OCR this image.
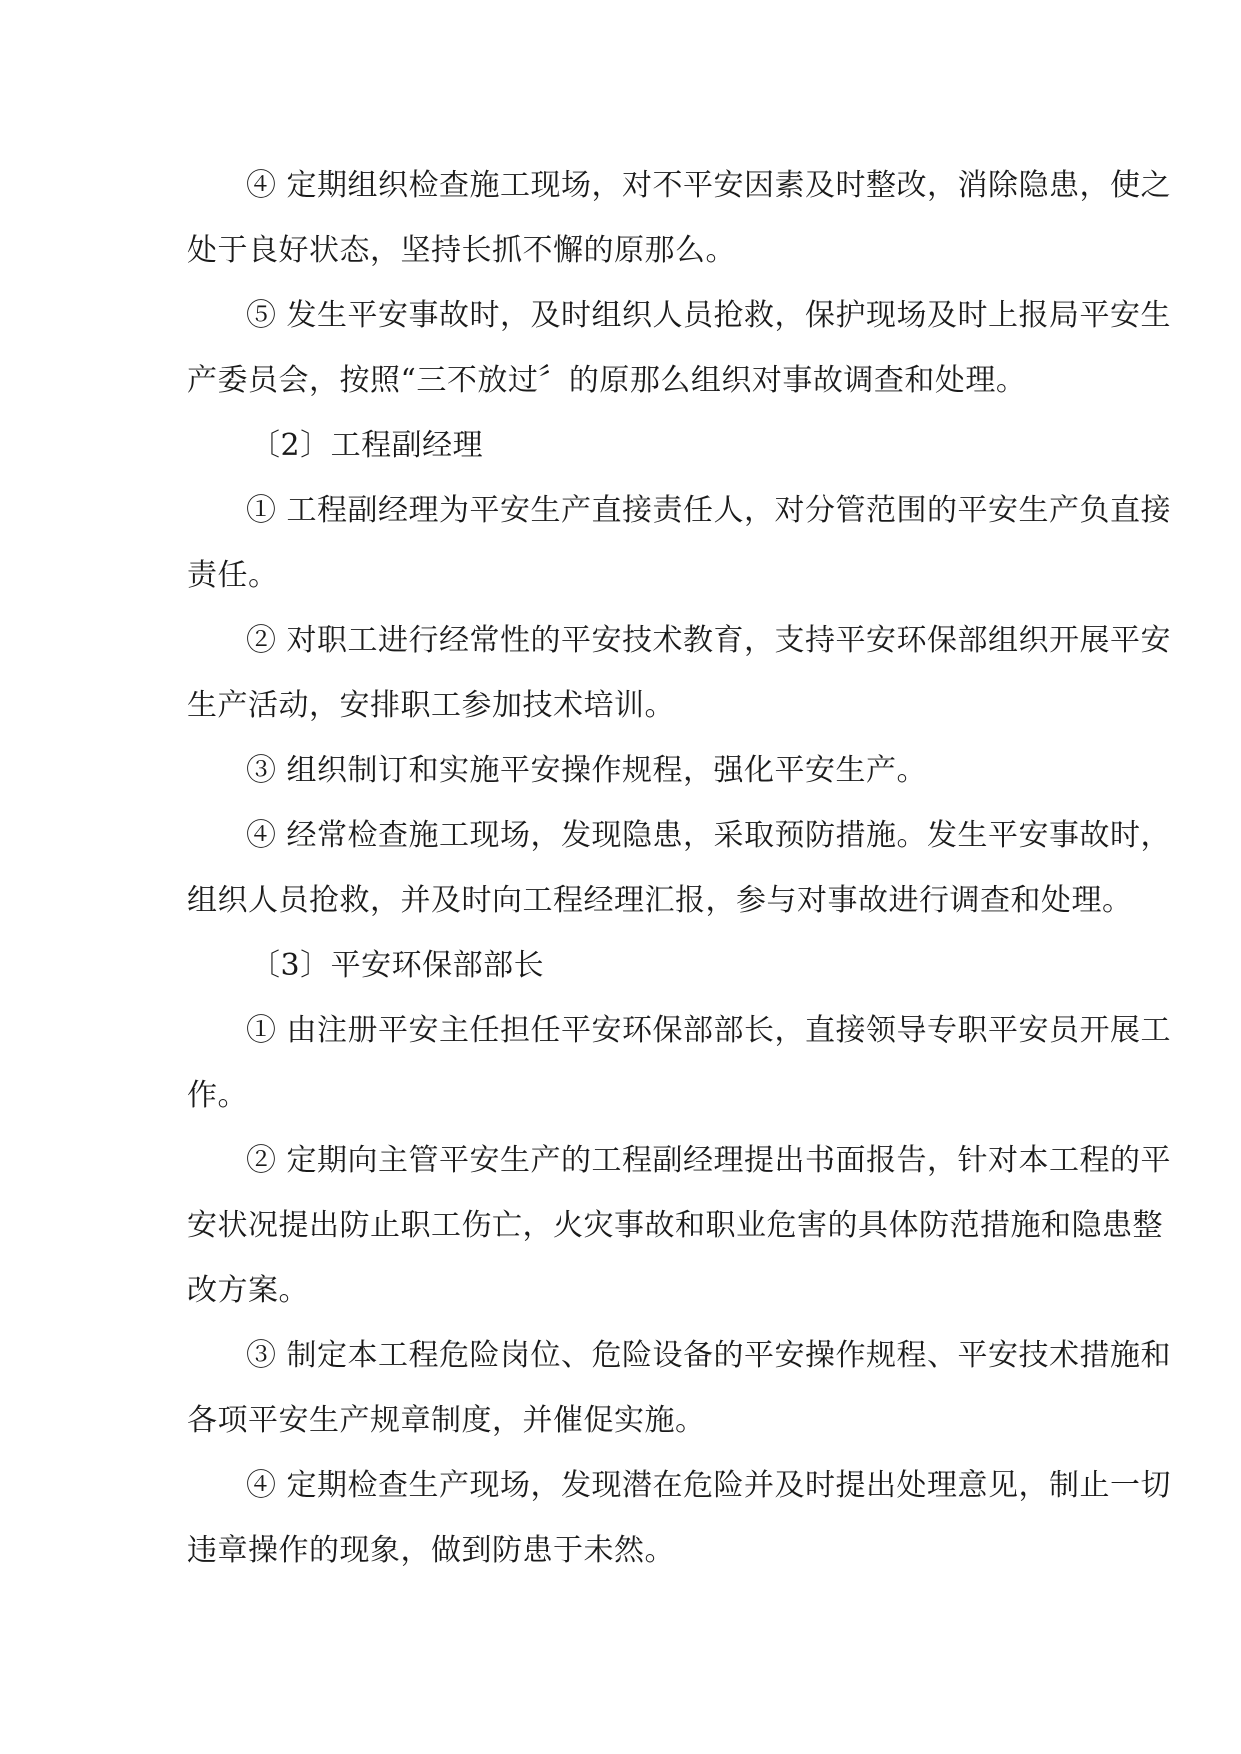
④ 定期组织检查施工现场，对不平安因素及时整改，消除隐患，使之
处于良好状态，坚持长抓不懈的原那么。
⑤ 发生平安事故时，及时组织人员抢救，保护现场及时上报局平安生
产委员会，按照“三不放过〞的原那么组织对事故调查和处理。
〔2〕工程副经理
① 工程副经理为平安生产直接责任人，对分管范围的平安生产负直接
责任。
② 对职工进行经常性的平安技术教育，支持平安环保部组织开展平安
生产活动，安排职工参加技术培训。
③ 组织制订和实施平安操作规程，强化平安生产。
④ 经常检查施工现场，发现隐患，采取预防措施。发生平安事故时，
组织人员抢救，并及时向工程经理汇报，参与对事故进行调查和处理。
〔3〕平安环保部部长
① 由注册平安主任担任平安环保部部长，直接领导专职平安员开展工
作。
② 定期向主管平安生产的工程副经理提出书面报告，针对本工程的平
安状况提出防止职工伤亡，火灾事故和职业危害的具体防范措施和隐患整
改方案。
③ 制定本工程危险岗位、危险设备的平安操作规程、平安技术措施和
各项平安生产规章制度，并催促实施。
④ 定期检查生产现场，发现潜在危险并及时提出处理意见，制止一切
违章操作的现象，做到防患于未然。
